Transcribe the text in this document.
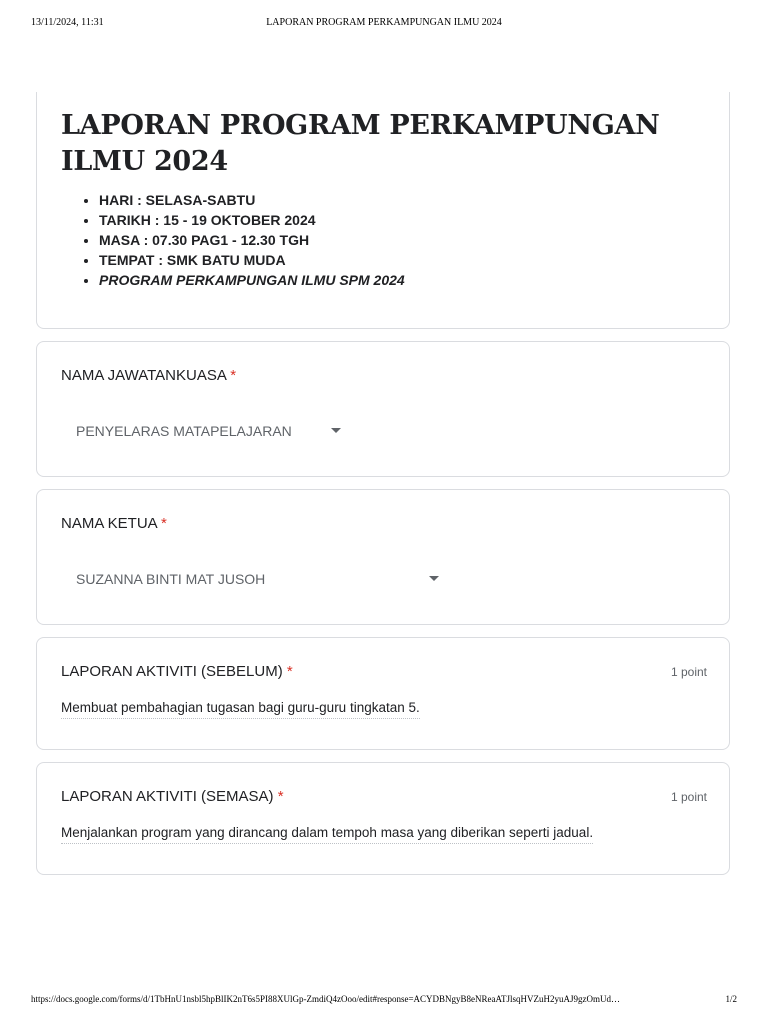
13/11/2024, 11:31	LAPORAN PROGRAM PERKAMPUNGAN ILMU 2024
LAPORAN PROGRAM PERKAMPUNGAN ILMU 2024
• HARI : SELASA-SABTU
• TARIKH : 15 - 19 OKTOBER 2024
• MASA : 07.30 PAG1 - 12.30 TGH
• TEMPAT : SMK BATU MUDA
• PROGRAM PERKAMPUNGAN ILMU SPM 2024
NAMA JAWATANKUASA *
PENYELARAS MATAPELAJARAN
NAMA KETUA *
SUZANNA BINTI MAT JUSOH
LAPORAN AKTIVITI (SEBELUM) *	1 point
Membuat pembahagian tugasan bagi guru-guru tingkatan 5.
LAPORAN AKTIVITI (SEMASA) *	1 point
Menjalankan program yang dirancang dalam tempoh masa yang diberikan seperti jadual.
https://docs.google.com/forms/d/1TbHnU1nsbl5hpBlIK2nT6s5PI88XUlGp-ZmdiQ4zOoo/edit#response=ACYDBNgyB8eNReaATJlsqHVZuH2yuAJ9gzOmUd…	1/2
